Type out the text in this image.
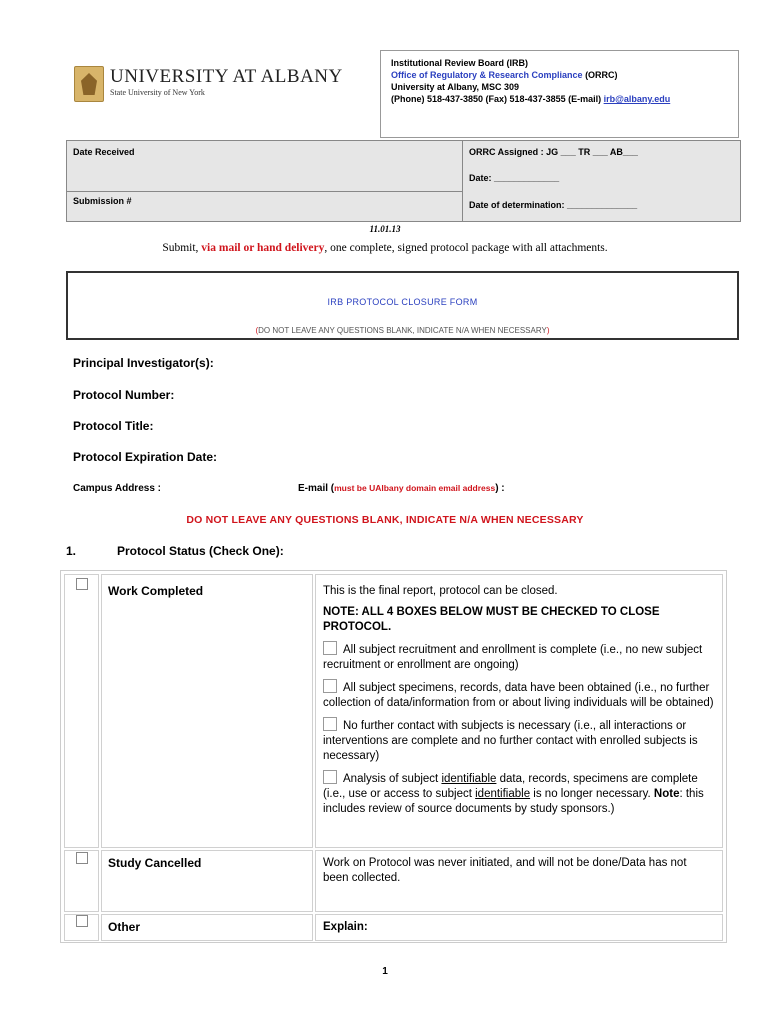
UNIVERSITY AT ALBANY
State University of New York
Institutional Review Board (IRB)
Office of Regulatory & Research Compliance (ORRC)
University at Albany, MSC 309
(Phone) 518-437-3850 (Fax) 518-437-3855 (E-mail) irb@albany.edu
Date Received
Submission #
ORRC Assigned : JG ___ TR ___ AB___
Date: _____________
Date of determination: ______________
11.01.13
Submit, via mail or hand delivery, one complete, signed protocol package with all attachments.
IRB PROTOCOL CLOSURE FORM
(DO NOT LEAVE ANY QUESTIONS BLANK, INDICATE N/A WHEN NECESSARY)
Principal Investigator(s):
Protocol Number:
Protocol Title:
Protocol Expiration Date:
Campus Address :	E-mail (must be UAlbany domain email address) :
DO NOT LEAVE ANY QUESTIONS BLANK, INDICATE N/A WHEN NECESSARY
1.	Protocol Status (Check One):
Work Completed	This is the final report, protocol can be closed.

NOTE: ALL 4 BOXES BELOW MUST BE CHECKED TO CLOSE PROTOCOL.

All subject recruitment and enrollment is complete (i.e., no new subject recruitment or enrollment are ongoing)

All subject specimens, records, data have been obtained (i.e., no further collection of data/information from or about living individuals will be obtained)

No further contact with subjects is necessary (i.e., all interactions or interventions are complete and no further contact with enrolled subjects is necessary)

Analysis of subject identifiable data, records, specimens are complete (i.e., use or access to subject identifiable is no longer necessary. Note: this includes review of source documents by study sponsors.)

Study Cancelled	Work on Protocol was never initiated, and will not be done/Data has not been collected.
Other	Explain:
1
